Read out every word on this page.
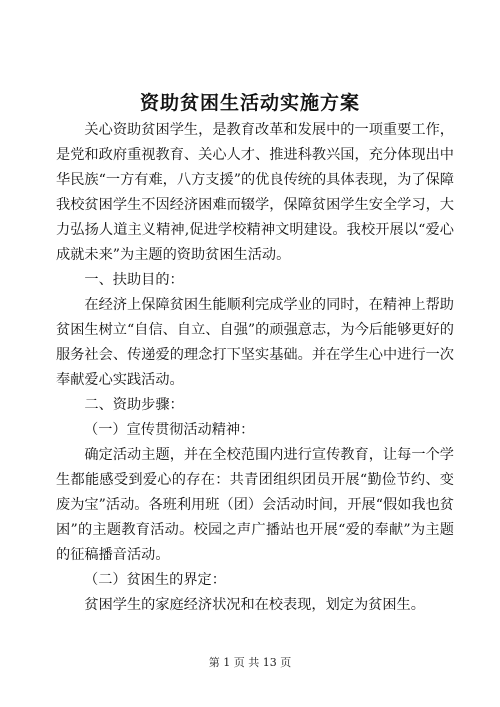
资助贫困生活动实施方案

关心资助贫困学生，是教育改革和发展中的一项重要工作，是党和政府重视教育、关心人才、推进科教兴国，充分体现出中华民族“一方有难，八方支援”的优良传统的具体表现，为了保障我校贫困学生不因经济困难而辍学，保障贫困学生安全学习，大力弘扬人道主义精神,促进学校精神文明建设。我校开展以“爱心成就未来”为主题的资助贫困生活动。

一、扶助目的：

在经济上保障贫困生能顺利完成学业的同时，在精神上帮助贫困生树立“自信、自立、自强”的顽强意志，为今后能够更好的服务社会、传递爱的理念打下坚实基础。并在学生心中进行一次奉献爱心实践活动。

二、资助步骤：

（一）宣传贯彻活动精神：

确定活动主题，并在全校范围内进行宣传教育，让每一个学生都能感受到爱心的存在：共青团组织团员开展“勤俭节约、变废为宝”活动。各班利用班（团）会活动时间，开展“假如我也贫困”的主题教育活动。校园之声广播站也开展“爱的奉献”为主题的征稿播音活动。

（二）贫困生的界定：

贫困学生的家庭经济状况和在校表现，划定为贫困生。

第 1 页 共 13 页
